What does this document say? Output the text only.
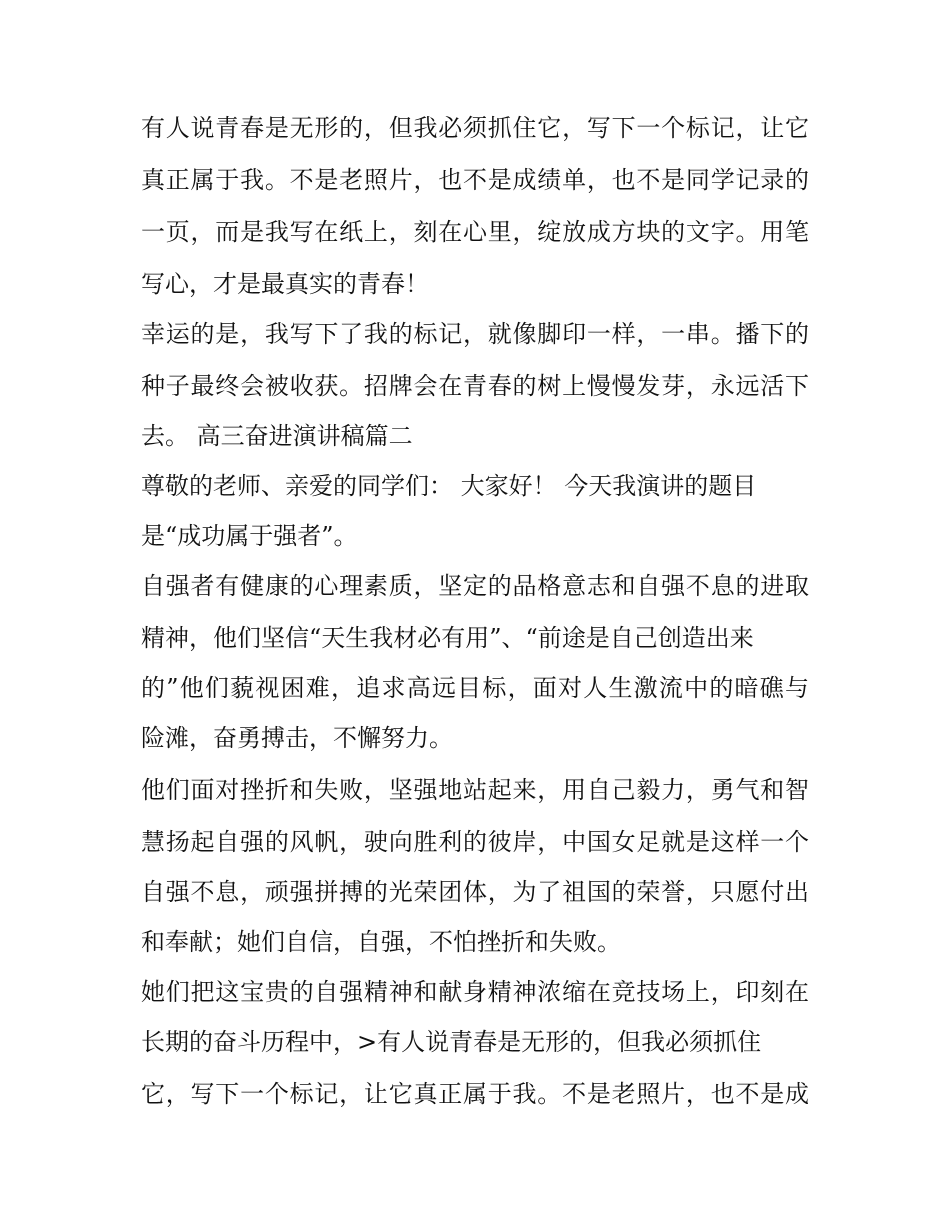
有人说青春是无形的，但我必须抓住它，写下一个标记，让它

真正属于我。不是老照片，也不是成绩单，也不是同学记录的

一页，而是我写在纸上，刻在心里，绽放成方块的文字。用笔

写心，才是最真实的青春！

幸运的是，我写下了我的标记，就像脚印一样，一串。播下的

种子最终会被收获。招牌会在青春的树上慢慢发芽，永远活下

去。 高三奋进演讲稿篇二

尊敬的老师、亲爱的同学们： 大家好！ 今天我演讲的题目

是“成功属于强者”。

自强者有健康的心理素质，坚定的品格意志和自强不息的进取

精神，他们坚信“天生我材必有用”、“前途是自己创造出来

的”他们藐视困难，追求高远目标，面对人生激流中的暗礁与

险滩，奋勇搏击，不懈努力。

他们面对挫折和失败，坚强地站起来，用自己毅力，勇气和智

慧扬起自强的风帆，驶向胜利的彼岸，中国女足就是这样一个

自强不息，顽强拼搏的光荣团体，为了祖国的荣誉，只愿付出

和奉献；她们自信，自强，不怕挫折和失败。

她们把这宝贵的自强精神和献身精神浓缩在竞技场上，印刻在

长期的奋斗历程中，>有人说青春是无形的，但我必须抓住

它，写下一个标记，让它真正属于我。不是老照片，也不是成
